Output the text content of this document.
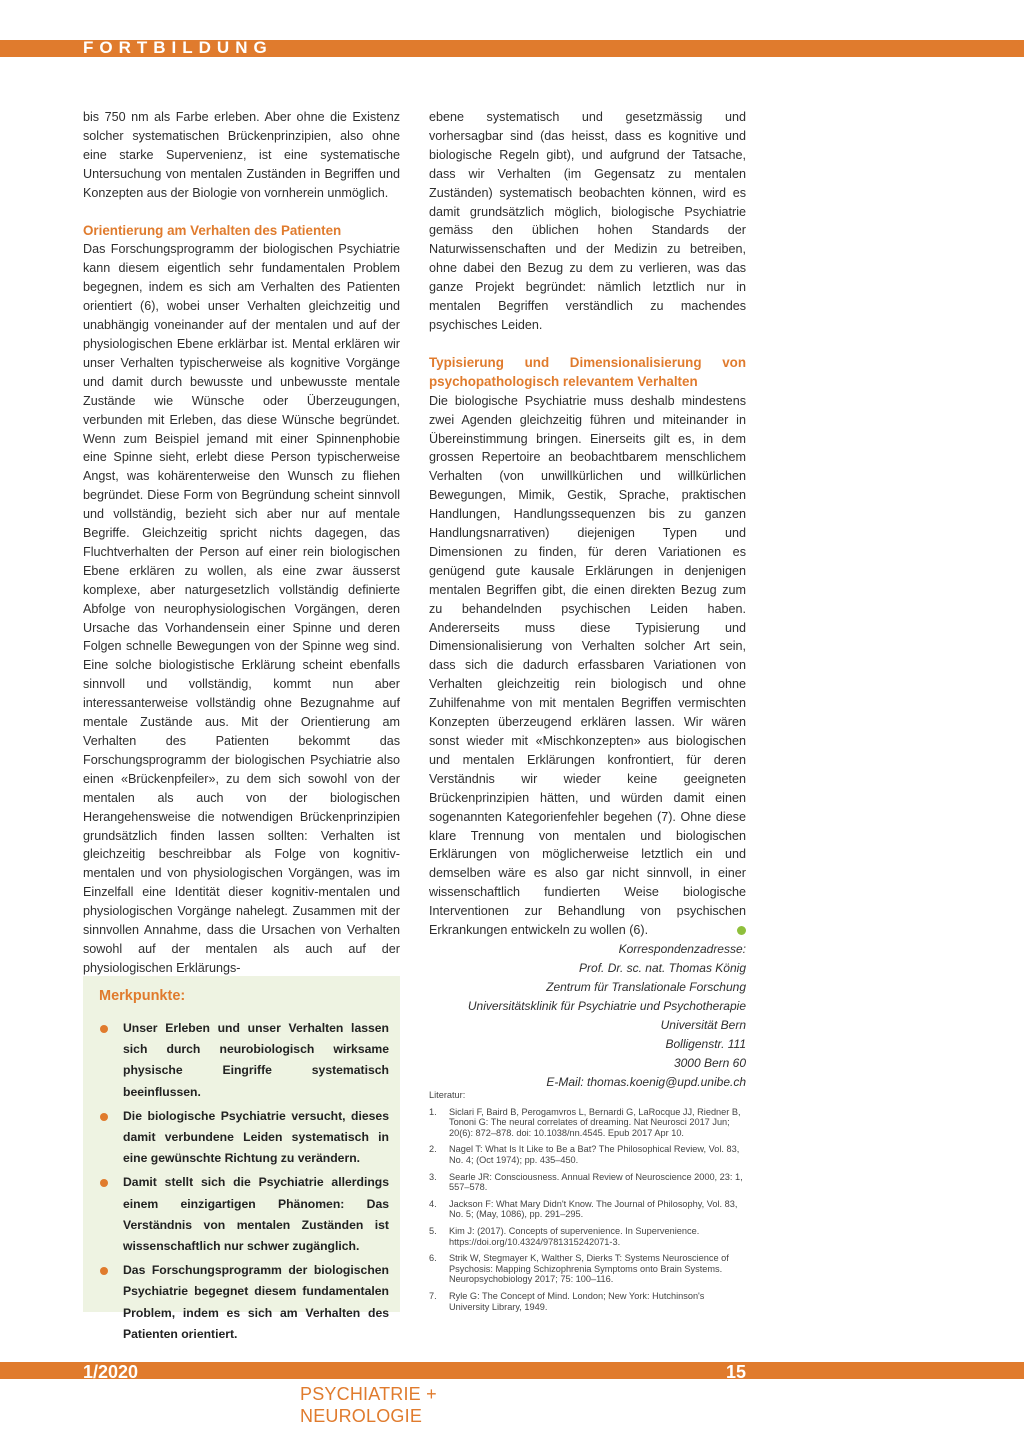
FORTBILDUNG

bis 750 nm als Farbe erleben. Aber ohne die Existenz solcher systematischen Brückenprinzipien, also ohne eine starke Supervenienz, ist eine systematische Untersuchung von mentalen Zuständen in Begriffen und Konzepten aus der Biologie von vornherein unmöglich.

Orientierung am Verhalten des Patienten

Das Forschungsprogramm der biologischen Psychiatrie kann diesem eigentlich sehr fundamentalen Problem begegnen, indem es sich am Verhalten des Patienten orientiert (6), wobei unser Verhalten gleichzeitig und unabhängig voneinander auf der mentalen und auf der physiologischen Ebene erklärbar ist. Mental erklären wir unser Verhalten typischerweise als kognitive Vorgänge und damit durch bewusste und unbewusste mentale Zustände wie Wünsche oder Überzeugungen, verbunden mit Erleben, das diese Wünsche begründet. Wenn zum Beispiel jemand mit einer Spinnenphobie eine Spinne sieht, erlebt diese Person typischerweise Angst, was kohärenterweise den Wunsch zu fliehen begründet. Diese Form von Begründung scheint sinnvoll und vollständig, bezieht sich aber nur auf mentale Begriffe. Gleichzeitig spricht nichts dagegen, das Fluchtverhalten der Person auf einer rein biologischen Ebene erklären zu wollen, als eine zwar äusserst komplexe, aber naturgesetzlich vollständig definierte Abfolge von neurophysiologischen Vorgängen, deren Ursache das Vorhandensein einer Spinne und deren Folgen schnelle Bewegungen von der Spinne weg sind. Eine solche biologistische Erklärung scheint ebenfalls sinnvoll und vollständig, kommt nun aber interessanterweise vollständig ohne Bezugnahme auf mentale Zustände aus. Mit der Orientierung am Verhalten des Patienten bekommt das Forschungsprogramm der biologischen Psychiatrie also einen «Brückenpfeiler», zu dem sich sowohl von der mentalen als auch von der biologischen Herangehensweise die notwendigen Brückenprinzipien grundsätzlich finden lassen sollten: Verhalten ist gleichzeitig beschreibbar als Folge von kognitiv-mentalen und von physiologischen Vorgängen, was im Einzelfall eine Identität dieser kognitiv-mentalen und physiologischen Vorgänge nahelegt. Zusammen mit der sinnvollen Annahme, dass die Ursachen von Verhalten sowohl auf der mentalen als auch auf der physiologischen Erklärungs-

ebene systematisch und gesetzmässig und vorhersagbar sind (das heisst, dass es kognitive und biologische Regeln gibt), und aufgrund der Tatsache, dass wir Verhalten (im Gegensatz zu mentalen Zuständen) systematisch beobachten können, wird es damit grundsätzlich möglich, biologische Psychiatrie gemäss den üblichen hohen Standards der Naturwissenschaften und der Medizin zu betreiben, ohne dabei den Bezug zu dem zu verlieren, was das ganze Projekt begründet: nämlich letztlich nur in mentalen Begriffen verständlich zu machendes psychisches Leiden.

Typisierung und Dimensionalisierung von psychopathologisch relevantem Verhalten

Die biologische Psychiatrie muss deshalb mindestens zwei Agenden gleichzeitig führen und miteinander in Übereinstimmung bringen. Einerseits gilt es, in dem grossen Repertoire an beobachtbarem menschlichem Verhalten (von unwillkürlichen und willkürlichen Bewegungen, Mimik, Gestik, Sprache, praktischen Handlungen, Handlungssequenzen bis zu ganzen Handlungsnarrativen) diejenigen Typen und Dimensionen zu finden, für deren Variationen es genügend gute kausale Erklärungen in denjenigen mentalen Begriffen gibt, die einen direkten Bezug zum zu behandelnden psychischen Leiden haben. Andererseits muss diese Typisierung und Dimensionalisierung von Verhalten solcher Art sein, dass sich die dadurch erfassbaren Variationen von Verhalten gleichzeitig rein biologisch und ohne Zuhilfenahme von mit mentalen Begriffen vermischten Konzepten überzeugend erklären lassen. Wir wären sonst wieder mit «Mischkonzepten» aus biologischen und mentalen Erklärungen konfrontiert, für deren Verständnis wir wieder keine geeigneten Brückenprinzipien hätten, und würden damit einen sogenannten Kategorienfehler begehen (7). Ohne diese klare Trennung von mentalen und biologischen Erklärungen von möglicherweise letztlich ein und demselben wäre es also gar nicht sinnvoll, in einer wissenschaftlich fundierten Weise biologische Interventionen zur Behandlung von psychischen Erkrankungen entwickeln zu wollen (6).

Korrespondenzadresse:
Prof. Dr. sc. nat. Thomas König
Zentrum für Translationale Forschung
Universitätsklinik für Psychiatrie und Psychotherapie
Universität Bern
Bolligenstr. 111
3000 Bern 60
E-Mail: thomas.koenig@upd.unibe.ch
Merkpunkte:
Unser Erleben und unser Verhalten lassen sich durch neurobiologisch wirksame physische Eingriffe systematisch beeinflussen.
Die biologische Psychiatrie versucht, dieses damit verbundene Leiden systematisch in eine gewünschte Richtung zu verändern.
Damit stellt sich die Psychiatrie allerdings einem einzigartigen Phänomen: Das Verständnis von mentalen Zuständen ist wissenschaftlich nur schwer zugänglich.
Das Forschungsprogramm der biologischen Psychiatrie begegnet diesem fundamentalen Problem, indem es sich am Verhalten des Patienten orientiert.
Literatur:
1. Siclari F, Baird B, Perogamvros L, Bernardi G, LaRocque JJ, Riedner B, Tononi G: The neural correlates of dreaming. Nat Neurosci 2017 Jun; 20(6): 872–878. doi: 10.1038/nn.4545. Epub 2017 Apr 10.
2. Nagel T: What Is It Like to Be a Bat? The Philosophical Review, Vol. 83, No. 4; (Oct 1974); pp. 435–450.
3. Searle JR: Consciousness. Annual Review of Neuroscience 2000, 23: 1, 557–578.
4. Jackson F: What Mary Didn't Know. The Journal of Philosophy, Vol. 83, No. 5; (May, 1086), pp. 291–295.
5. Kim J: (2017). Concepts of supervenience. In Supervenience. https://doi.org/10.4324/9781315242071-3.
6. Strik W, Stegmayer K, Walther S, Dierks T: Systems Neuroscience of Psychosis: Mapping Schizophrenia Symptoms onto Brain Systems. Neuropsychobiology 2017; 75: 100–116.
7. Ryle G: The Concept of Mind. London; New York: Hutchinson's University Library, 1949.
1/2020	15
PSYCHIATRIE + NEUROLOGIE
